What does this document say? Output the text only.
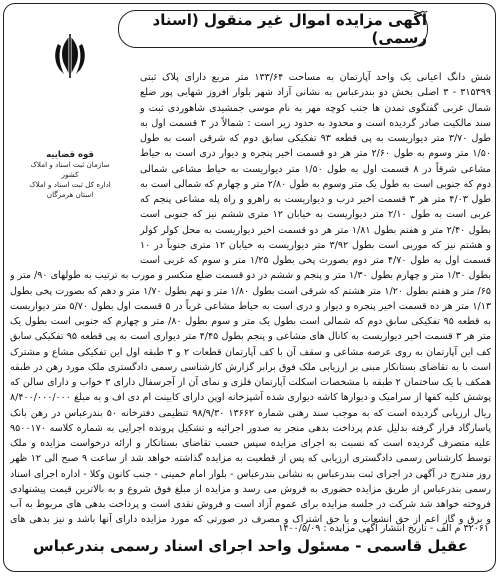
آگهی مزایده اموال غیر منقول (اسناد رسمی)
قوه قضاییه
سازمان ثبت اسناد و املاک کشور
اداره کل ثبت اسناد و املاک استان هرمزگان
شش دانگ اعیانی یک واحد آپارتمان به مساحت ۱۳۳/۶۴ متر مربع دارای پلاک ثبتی ۳۱۵۳۹۹ - ۳ اصلی بخش دو بندرعباس به نشانی آزاد شهر بلوار افروز شهابی پور ضلع شمال غربی گفتگوی تمدن ها جنب کوچه مهر به نام موسی جمشیدی شاهوردی ثبت و سند مالکیت صادر گردیده است و محدود به حدود زیر است : شمالاً در ۳ قسمت اول به طول ۳/۷۰ متر دیواریست به پی قطعه ۹۳ تفکیکی سابق دوم که شرقی است به طول ۱/۵۰ متر وسوم به طول ۲/۶۰ متر هر دو قسمت اخیر پنجره و دیوار دری است به حیاط مشاعی شرقاً در ۸ قسمت اول به طول ۱/۵۰ متر دیواریست به حیاط مشاعی شمالی دوم که جنوبی است به طول یک متر وسوم به طول ۲/۸۰ متر و چهارم که شمالی است به طول ۴/۰۳ متر هر ۳ قسمت اخیر درب و دیواریست به راهرو و راه پله مشاعی پنجم که غربی است به طول ۲/۱۰ متر دیواریست به خیابان ۱۲ متری ششم نیز که جنوبی است بطول ۲/۴۰ متر و هفتم بطول ۱/۸۱ متر هر دو قسمت اخیر دیواریست به محل کولر کولر و هشتم نیز که موربی است بطول ۳/۹۲ متر دیواریست به خیابان ۱۲ متری جنوباً در ۱۰ قسمت اول به طول ۴/۷۰ متر دوم بصورت پخی بطول ۱/۲۵ متر و سوم که غربی است بطول ۱/۳۰ متر و چهارم بطول ۱/۳۰ متر و پنجم و ششم در دو قسمت ضلع منکسر و مورب به ترتیب به طولهای ۹۰/ متر و ۶۵/ متر و هفتم بطول ۱/۲۰ متر هشتم که شرقی است بطول ۱/۸۰ متر و نهم بطول ۱/۷۰ متر و دهم که بصورت پخی بطول ۱/۱۳ متر هر ده قسمت اخیر پنجره و دیوار و دری است به حیاط مشاعی غرباً در ۵ قسمت اول بطول ۵/۷۰ متر دیواریست به قطعه ۹۵ تفکیکی سابق دوم که شمالی است بطول یک متر و سوم بطول ۸۰/ متر و چهارم که جنوبی است بطول یک متر هر ۳ قسمت اخیر دیواریست به کانال های مشاعی و پنجم بطول ۴/۴۵ متر دیواری است به پی قطعه ۹۵ تفکیکی سابق کف این آپارتمان به روی عرصه مشاعی و سقف آن با کف آپارتمان قطعات ۲ و ۳ طبقه اول این تفکیکی مشاع و مشترک است با به تقاضای بستانکار مبنی بر ارزیابی ملک فوق برابر گزارش کارشناسی رسمی دادگستری ملک مورد رهن در طبقه همکف با یک ساختمان ۲ طبقه با مشخصات اسکلت آپارتمان فلزی و نمای آن از آجرسفال دارای ۳ خواب و دارای سالن که پوشش کلیه کفها از سرامیک و دیوارها کاشه دیواری شده آشپزخانه اوپن دارای کابینت ام دی اف و به مبلغ ۸/۴۰۰/۰۰۰/۰۰۰ ریال ارزیابی گردیده است که به موجب سند رهنی شماره ۱۳۶۶۲ ۹۸/۹/۳۰ تنظیمی دفترخانه ۵۰ بندرعباس در رهن بانک پاسارگاد قرار گرفته بدلیل عدم پرداخت بدهی منجر به صدور اجرائیه و تشکیل پرونده اجرایی به شماره کلاسه ۹۵۰۰۱۷۰ علیه متصرف گردیده است که نسبت به اجرای مزایده سپس حسب تقاضای بستانکار و ارائه درخواست مزایده و ملک توسط کارشناس رسمی دادگستری ارزیابی که پس از قطعیت به مزایده گذاشته خواهد شد از ساعت ۹ صبح الی ۱۲ ظهر روز مندرج در آگهی در اجرای ثبت بندرعباس به نشانی بندرعباس - بلوار امام خمینی - جنب کانون وکلا - اداره اجرای اسناد رسمی بندرعباس از طریق مزایده حضوری به فروش می رسد و مزایده از مبلغ فوق شروع و به بالاترین قیمت پیشنهادی فروخته خواهد شد شرکت در جلسه مزایده برای عموم آزاد است و فروش نقدی است و پرداخت بدهی های مربوط به آب و برق و گاز اعم از حق انشعاب و یا حق اشتراک و مصرف در صورتی که مورد مزایده دارای آنها باشد و نیز بدهی های
۳۲۰۶۱ م الف - تاریخ انتشار آگهی مزایده : ۱۴۰۰/۵/۰۹
عقیل قاسمی - مسئول واحد اجرای اسناد رسمی بندرعباس
